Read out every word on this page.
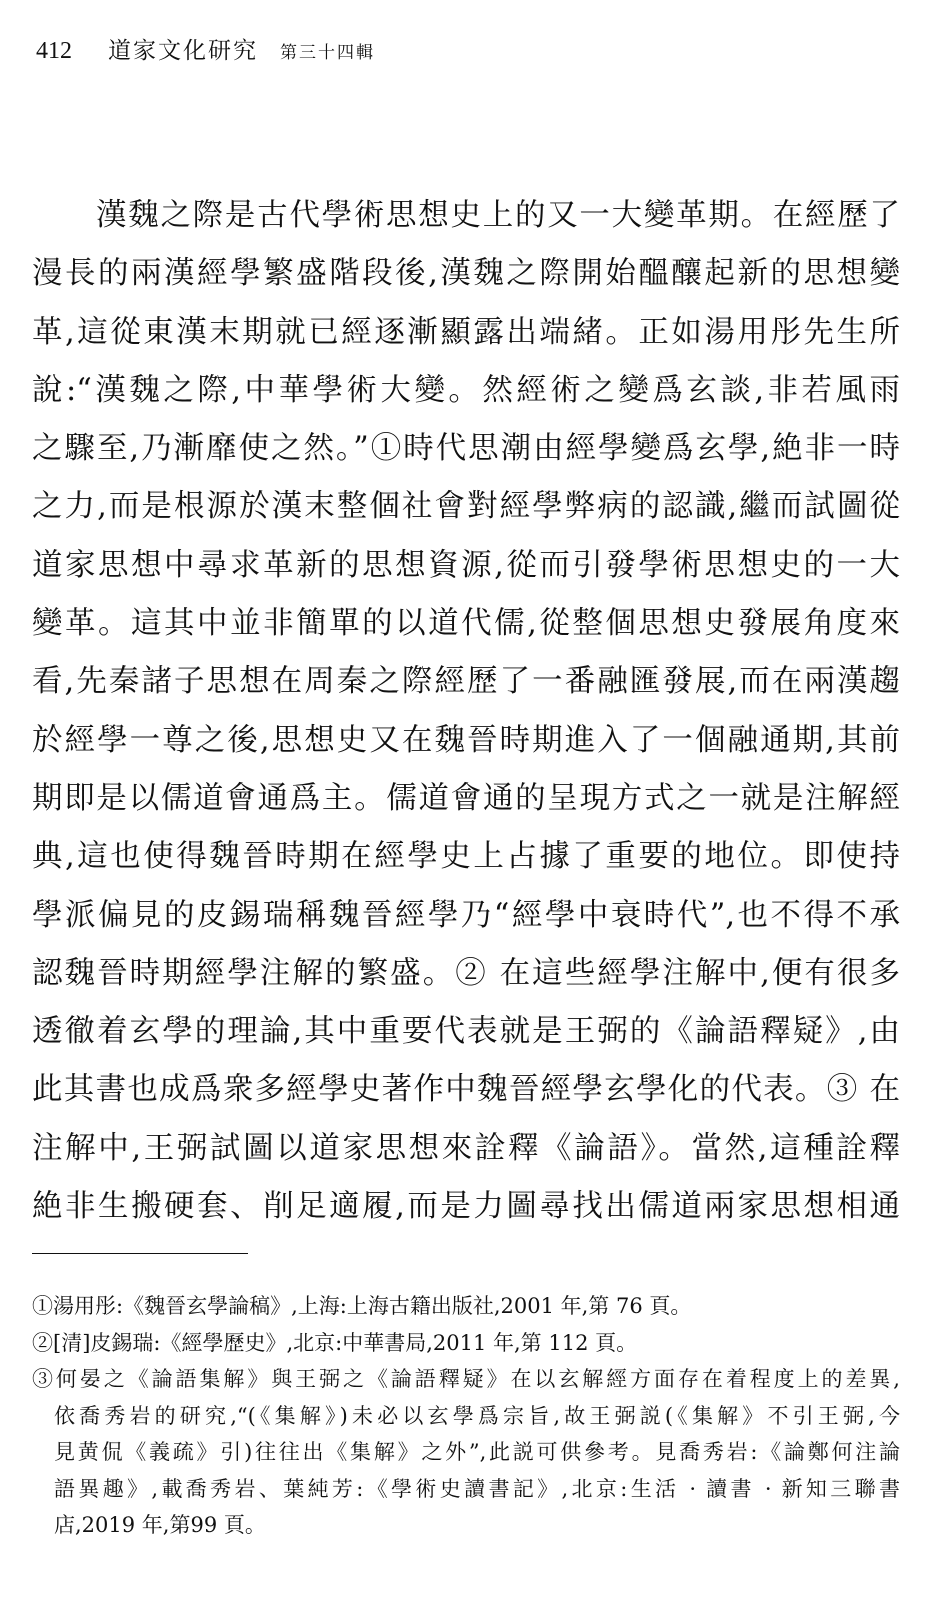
412 道家文化研究 第三十四輯
漢魏之際是古代學術思想史上的又一大變革期。在經歷了
漫長的兩漢經學繁盛階段後,漢魏之際開始醞釀起新的思想變
革,這從東漢末期就已經逐漸顯露出端緒。正如湯用彤先生所
說:“漢魏之際,中華學術大變。然經術之變爲玄談,非若風雨
之驟至,乃漸靡使之然。”①時代思潮由經學變爲玄學,絶非一時
之力,而是根源於漢末整個社會對經學弊病的認識,繼而試圖從
道家思想中尋求革新的思想資源,從而引發學術思想史的一大
變革。這其中並非簡單的以道代儒,從整個思想史發展角度來
看,先秦諸子思想在周秦之際經歷了一番融匯發展,而在兩漢趨
於經學一尊之後,思想史又在魏晉時期進入了一個融通期,其前
期即是以儒道會通爲主。儒道會通的呈現方式之一就是注解經
典,這也使得魏晉時期在經學史上占據了重要的地位。即使持
學派偏見的皮錫瑞稱魏晉經學乃“經學中衰時代”,也不得不承
認魏晉時期經學注解的繁盛。② 在這些經學注解中,便有很多
透徹着玄學的理論,其中重要代表就是王弼的《論語釋疑》,由
此其書也成爲衆多經學史著作中魏晉經學玄學化的代表。③ 在
注解中,王弼試圖以道家思想來詮釋《論語》。當然,這種詮釋
絶非生搬硬套、削足適履,而是力圖尋找出儒道兩家思想相通
①湯用彤:《魏晉玄學論稿》,上海:上海古籍出版社,2001 年,第 76 頁。
②[清]皮錫瑞:《經學歷史》,北京:中華書局,2011 年,第 112 頁。
③何晏之《論語集解》與王弼之《論語釋疑》在以玄解經方面存在着程度上的差異,
依喬秀岩的研究,“(《集解》)未必以玄學爲宗旨,故王弼説(《集解》不引王弼,今
見黄侃《義疏》引)往往出《集解》之外”,此説可供參考。見喬秀岩:《論鄭何注論
語異趣》,載喬秀岩、葉純芳:《學術史讀書記》,北京:生活 · 讀書 · 新知三聯書
店,2019 年,第99 頁。
